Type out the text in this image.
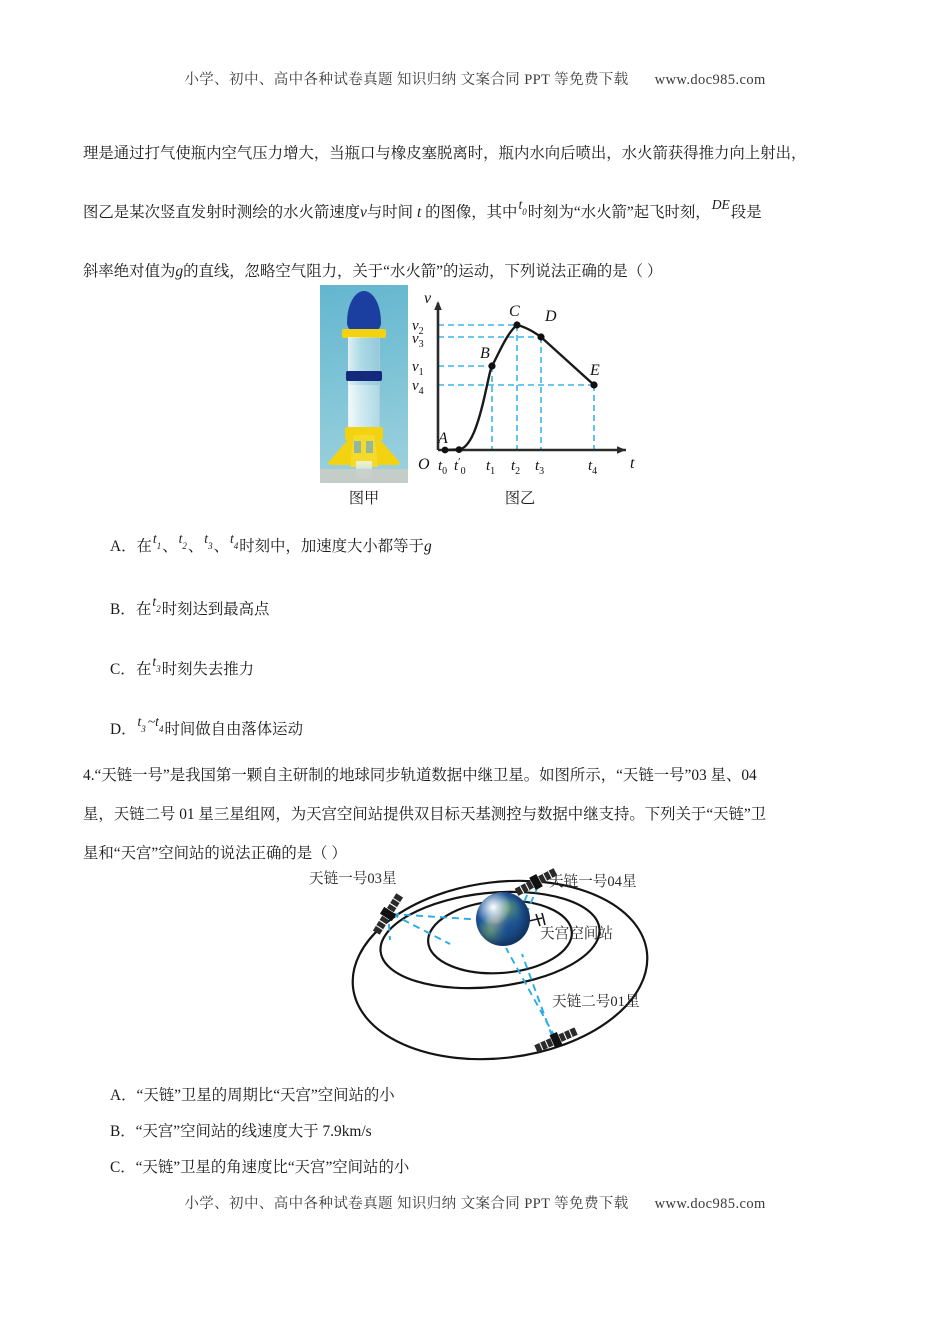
小学、初中、高中各种试卷真题 知识归纳 文案合同 PPT 等免费下载 www.doc985.com
理是通过打气使瓶内空气压力增大，当瓶口与橡皮塞脱离时，瓶内水向后喷出，水火箭获得推力向上射出，
图乙是某次竖直发射时测绘的水火箭速度v与时间 t 的图像，其中$t_0$时刻为“水火箭”起飞时刻，DE段是
斜率绝对值为g的直线，忽略空气阻力，关于“水火箭”的运动，下列说法正确的是（ ）
A
B
C D
E
v
t
O
$v_2$
$v_3$
$v_1$
$v_4$
$t_0$ $t'_0$ $t_1$ $t_2$ $t_3$	$t_4$
图甲	图乙
A．在$t_1$、$t_2$、$t_3$、$t_4$时刻中，加速度大小都等于g
B．在$t_2$时刻达到最高点
C．在$t_3$时刻失去推力
D．$t_3$ $\sim t_4$时间做自由落体运动
4.“天链一号”是我国第一颗自主研制的地球同步轨道数据中继卫星。如图所示，“天链一号”03 星、04
星，天链二号 01 星三星组网，为天宫空间站提供双目标天基测控与数据中继支持。下列关于“天链”卫
星和“天宫”空间站的说法正确的是（ ）
天链一号03星	天链一号04星
天宫空间站
天链二号01星
A．“天链”卫星的周期比“天宫”空间站的小
B．“天宫”空间站的线速度大于 7.9km/s
C．“天链”卫星的角速度比“天宫”空间站的小
小学、初中、高中各种试卷真题 知识归纳 文案合同 PPT 等免费下载 www.doc985.com
